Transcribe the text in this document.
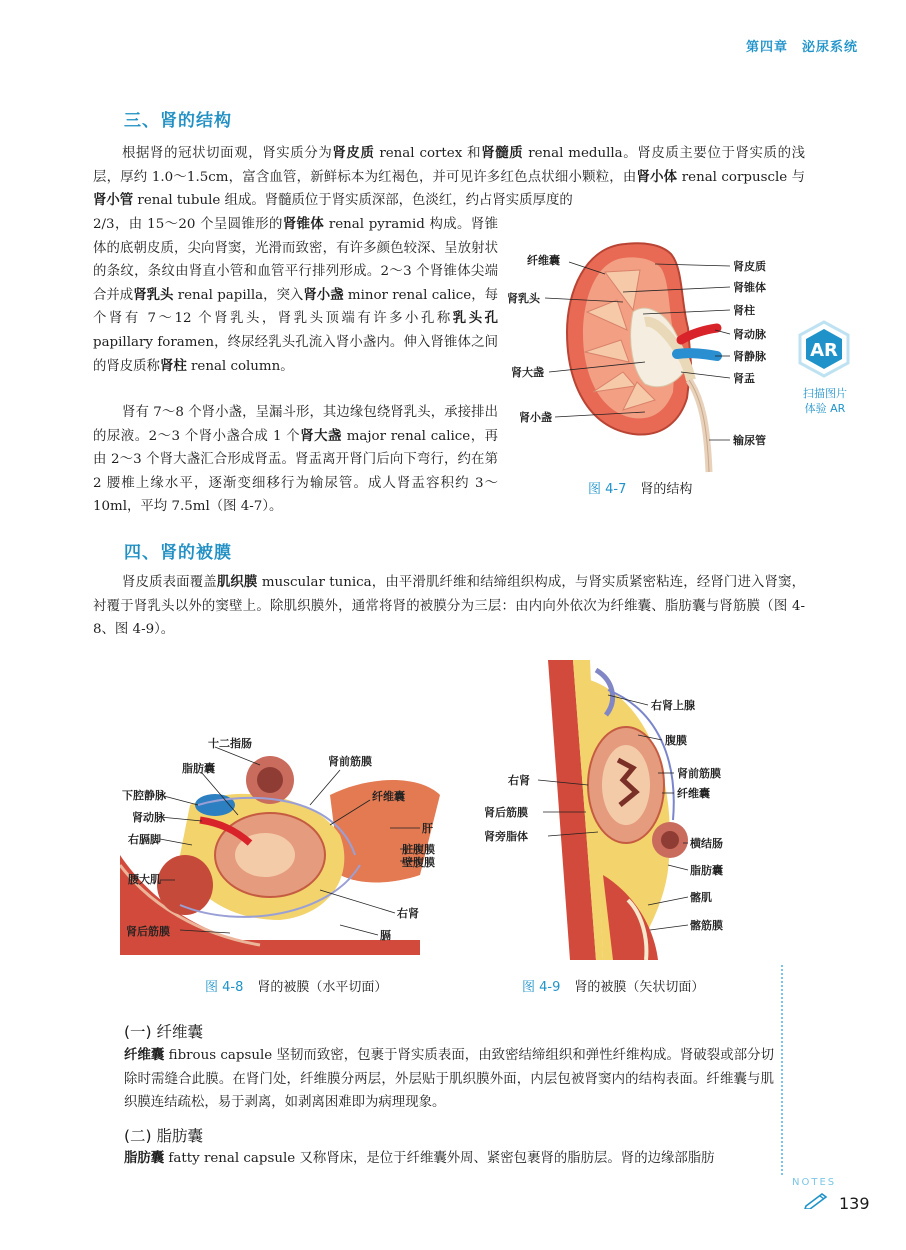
第四章　泌尿系统
三、肾的结构

根据肾的冠状切面观，肾实质分为肾皮质 renal cortex 和肾髓质 renal medulla。肾皮质主要位于肾实质的浅层，厚约 1.0～1.5cm，富含血管，新鲜标本为红褐色，并可见许多红色点状细小颗粒，由肾小体 renal corpuscle 与肾小管 renal tubule 组成。肾髓质位于肾实质深部，色淡红，约占肾实质厚度的

2/3，由 15～20 个呈圆锥形的肾锥体 renal pyramid 构成。肾锥体的底朝皮质，尖向肾窦，光滑而致密，有许多颜色较深、呈放射状的条纹，条纹由肾直小管和血管平行排列形成。2～3 个肾锥体尖端合并成肾乳头 renal papilla，突入肾小盏 minor renal calice，每个肾有 7～12 个肾乳头，肾乳头顶端有许多小孔称乳头孔 papillary foramen，终尿经乳头孔流入肾小盏内。伸入肾锥体之间的肾皮质称肾柱 renal column。

肾有 7～8 个肾小盏，呈漏斗形，其边缘包绕肾乳头，承接排出的尿液。2～3 个肾小盏合成 1 个肾大盏 major renal calice，再由 2～3 个肾大盏汇合形成肾盂。肾盂离开肾门后向下弯行，约在第 2 腰椎上缘水平，逐渐变细移行为输尿管。成人肾盂容积约 3～10ml，平均 7.5ml（图 4-7）。

纤维囊
肾乳头
肾大盏
肾小盏
肾皮质
肾锥体
肾柱
肾动脉
肾静脉
肾盂
输尿管
图 4-7 肾的结构
AR
扫描图片
体验 AR
四、肾的被膜

肾皮质表面覆盖肌织膜 muscular tunica，由平滑肌纤维和结缔组织构成，与肾实质紧密粘连，经肾门进入肾窦，衬覆于肾乳头以外的窦壁上。除肌织膜外，通常将肾的被膜分为三层：由内向外依次为纤维囊、脂肪囊与肾筋膜（图 4-8、图 4-9）。

十二指肠
脂肪囊
下腔静脉
肾动脉
右膈脚
腰大肌
肾后筋膜
肾前筋膜
纤维囊
肝
脏腹膜
壁腹膜
右肾
膈
图 4-8 肾的被膜（水平切面）
右肾上腺
腹膜
右肾
肾前筋膜
纤维囊
肾后筋膜
肾旁脂体
横结肠
脂肪囊
髂肌
髂筋膜
图 4-9 肾的被膜（矢状切面）
(一) 纤维囊

纤维囊 fibrous capsule 坚韧而致密，包裹于肾实质表面，由致密结缔组织和弹性纤维构成。肾破裂或部分切除时需缝合此膜。在肾门处，纤维膜分两层，外层贴于肌织膜外面，内层包被肾窦内的结构表面。纤维囊与肌织膜连结疏松，易于剥离，如剥离困难即为病理现象。

(二) 脂肪囊

脂肪囊 fatty renal capsule 又称肾床，是位于纤维囊外周、紧密包裹肾的脂肪层。肾的边缘部脂肪

NOTES
139
